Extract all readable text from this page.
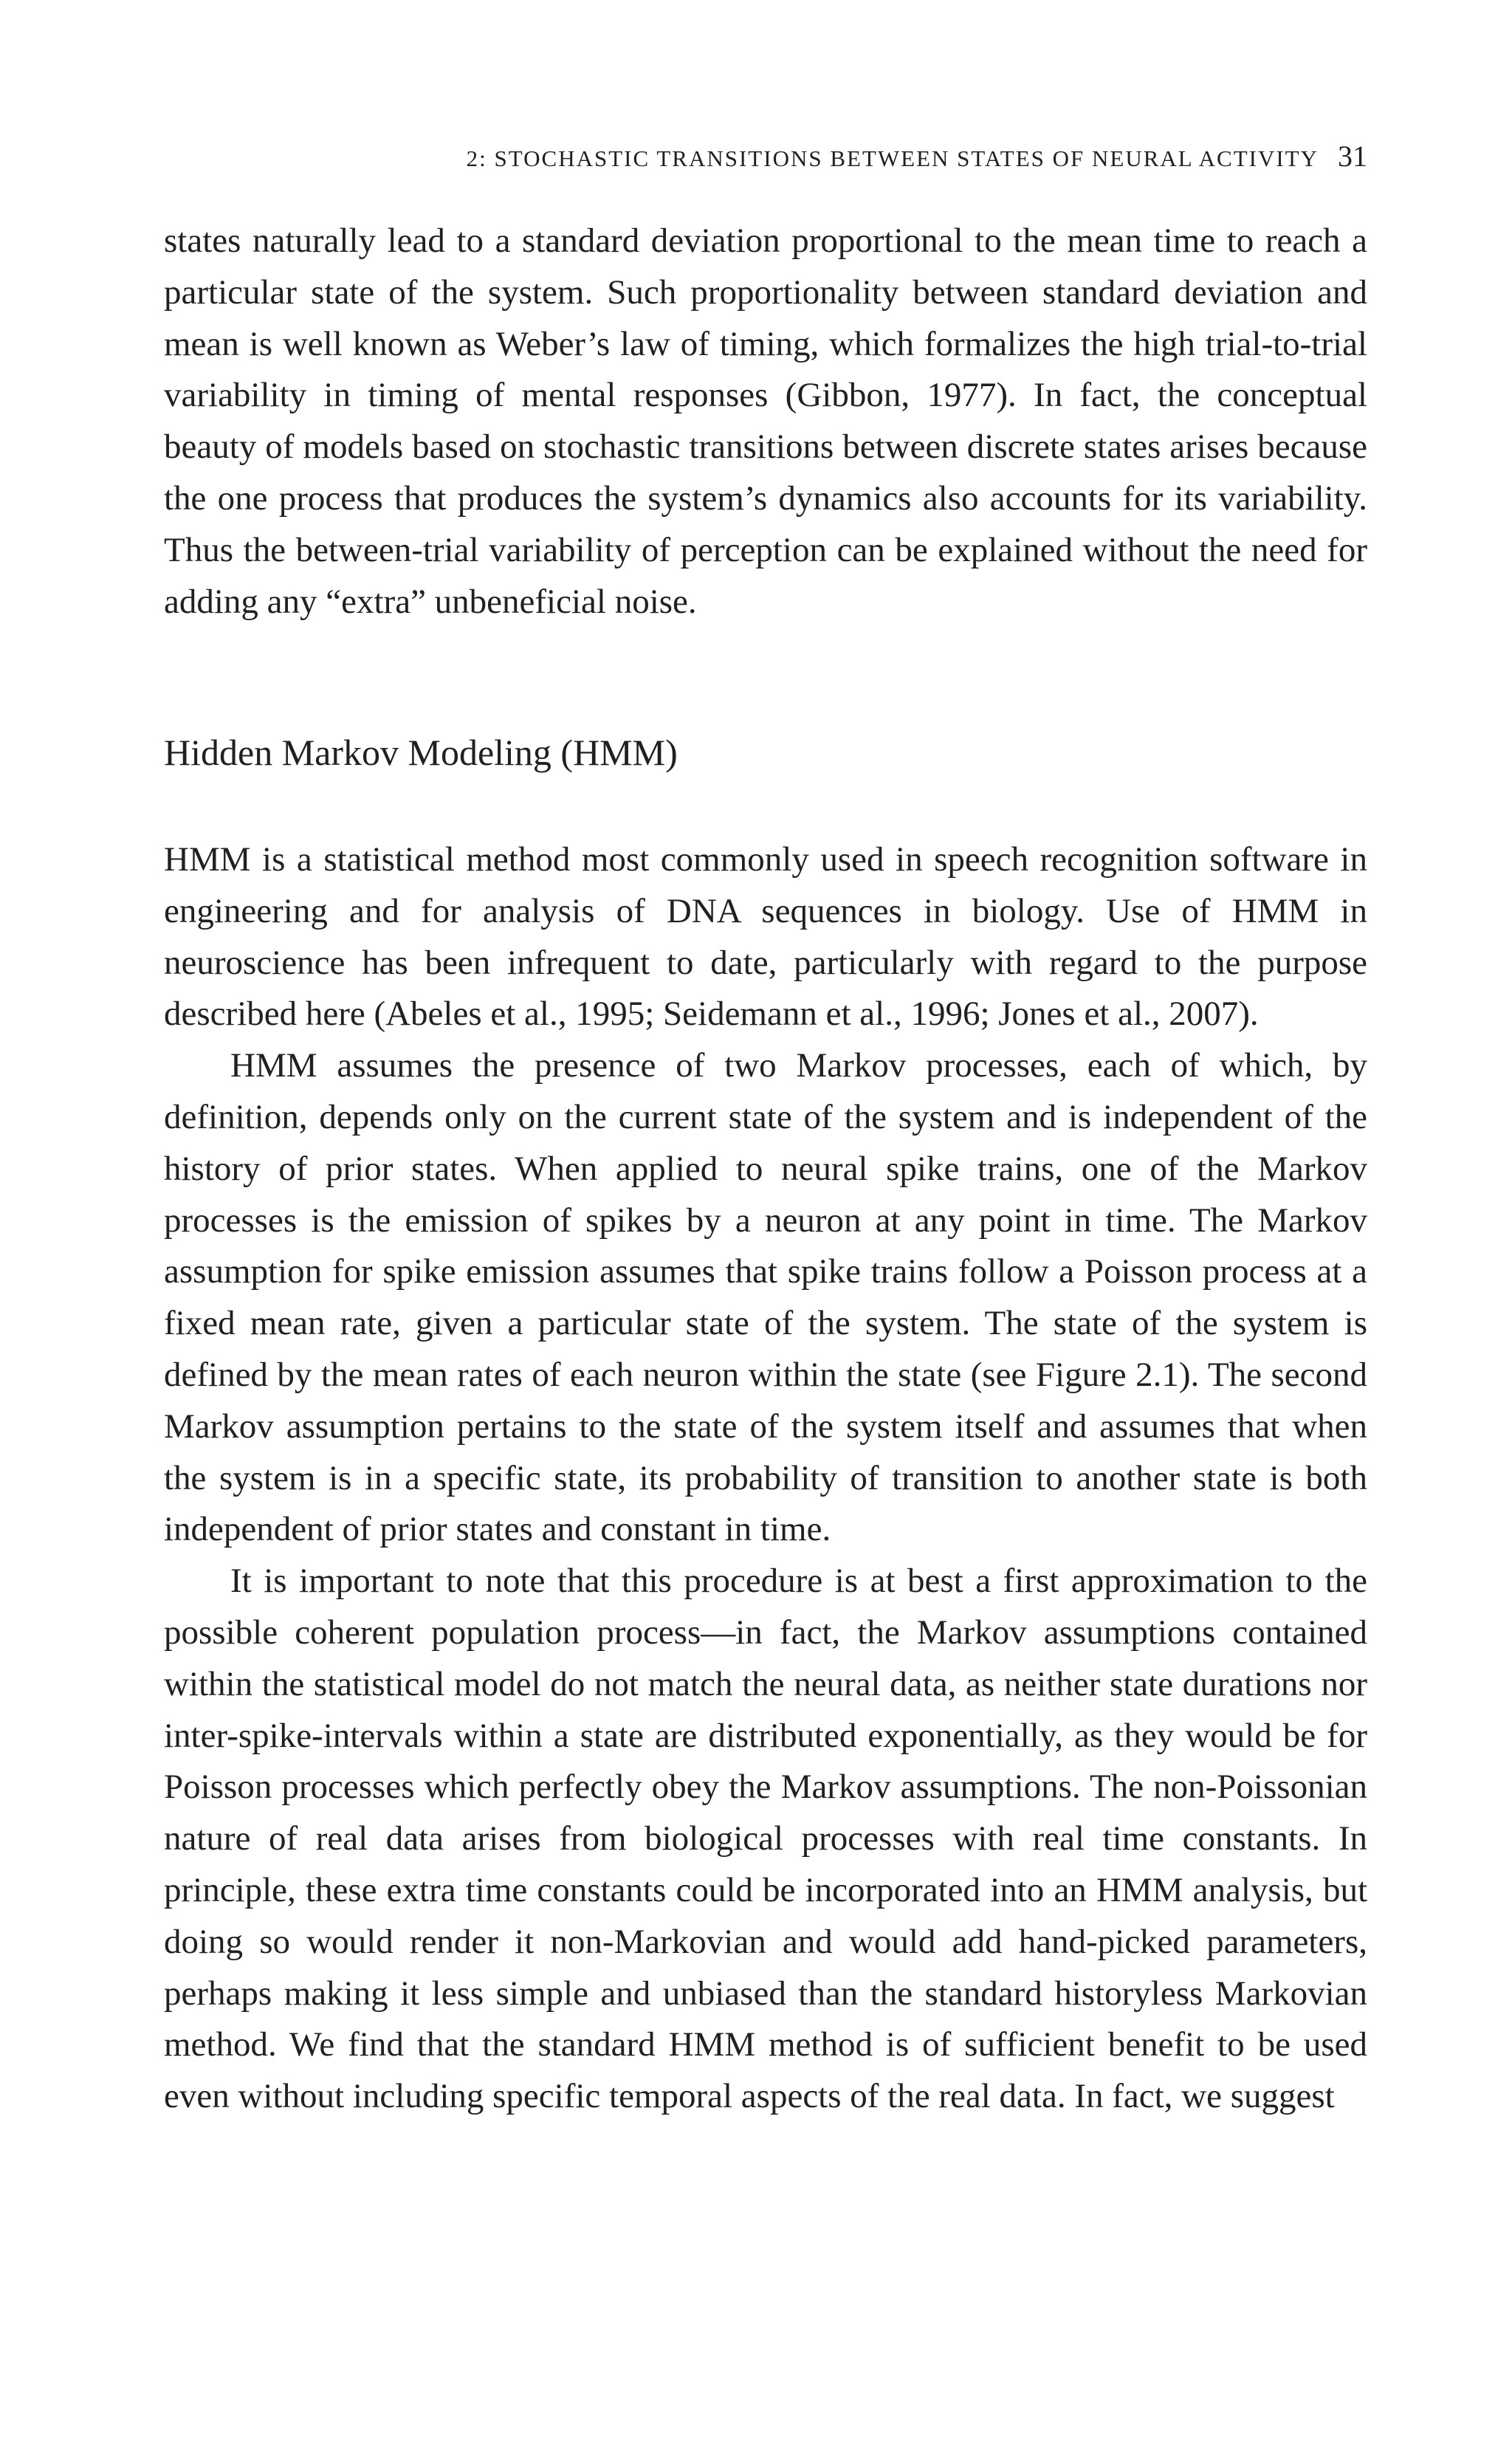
2: STOCHASTIC TRANSITIONS BETWEEN STATES OF NEURAL ACTIVITY 31

states naturally lead to a standard deviation proportional to the mean time to reach a particular state of the system. Such proportionality between standard deviation and mean is well known as Weber’s law of timing, which formalizes the high trial-to-trial variability in timing of mental responses (Gibbon, 1977). In fact, the conceptual beauty of models based on stochastic transitions between discrete states arises because the one process that produces the system’s dynamics also accounts for its variability. Thus the between-trial variability of perception can be explained without the need for adding any “extra” unbeneficial noise.

Hidden Markov Modeling (HMM)

HMM is a statistical method most commonly used in speech recognition software in engineering and for analysis of DNA sequences in biology. Use of HMM in neuroscience has been infrequent to date, particularly with regard to the purpose described here (Abeles et al., 1995; Seidemann et al., 1996; Jones et al., 2007).

HMM assumes the presence of two Markov processes, each of which, by definition, depends only on the current state of the system and is independent of the history of prior states. When applied to neural spike trains, one of the Markov processes is the emission of spikes by a neuron at any point in time. The Markov assumption for spike emission assumes that spike trains follow a Poisson process at a fixed mean rate, given a particular state of the system. The state of the system is defined by the mean rates of each neuron within the state (see Figure 2.1). The second Markov assumption pertains to the state of the system itself and assumes that when the system is in a specific state, its probability of transition to another state is both independent of prior states and constant in time.

It is important to note that this procedure is at best a first approximation to the possible coherent population process—in fact, the Markov assumptions contained within the statistical model do not match the neural data, as neither state durations nor inter-spike-intervals within a state are distributed exponentially, as they would be for Poisson processes which perfectly obey the Markov assumptions. The non-Poissonian nature of real data arises from biological processes with real time constants. In principle, these extra time constants could be incorporated into an HMM analysis, but doing so would render it non-Markovian and would add hand-picked parameters, perhaps making it less simple and unbiased than the standard historyless Markovian method. We find that the standard HMM method is of sufficient benefit to be used even without including specific temporal aspects of the real data. In fact, we suggest
